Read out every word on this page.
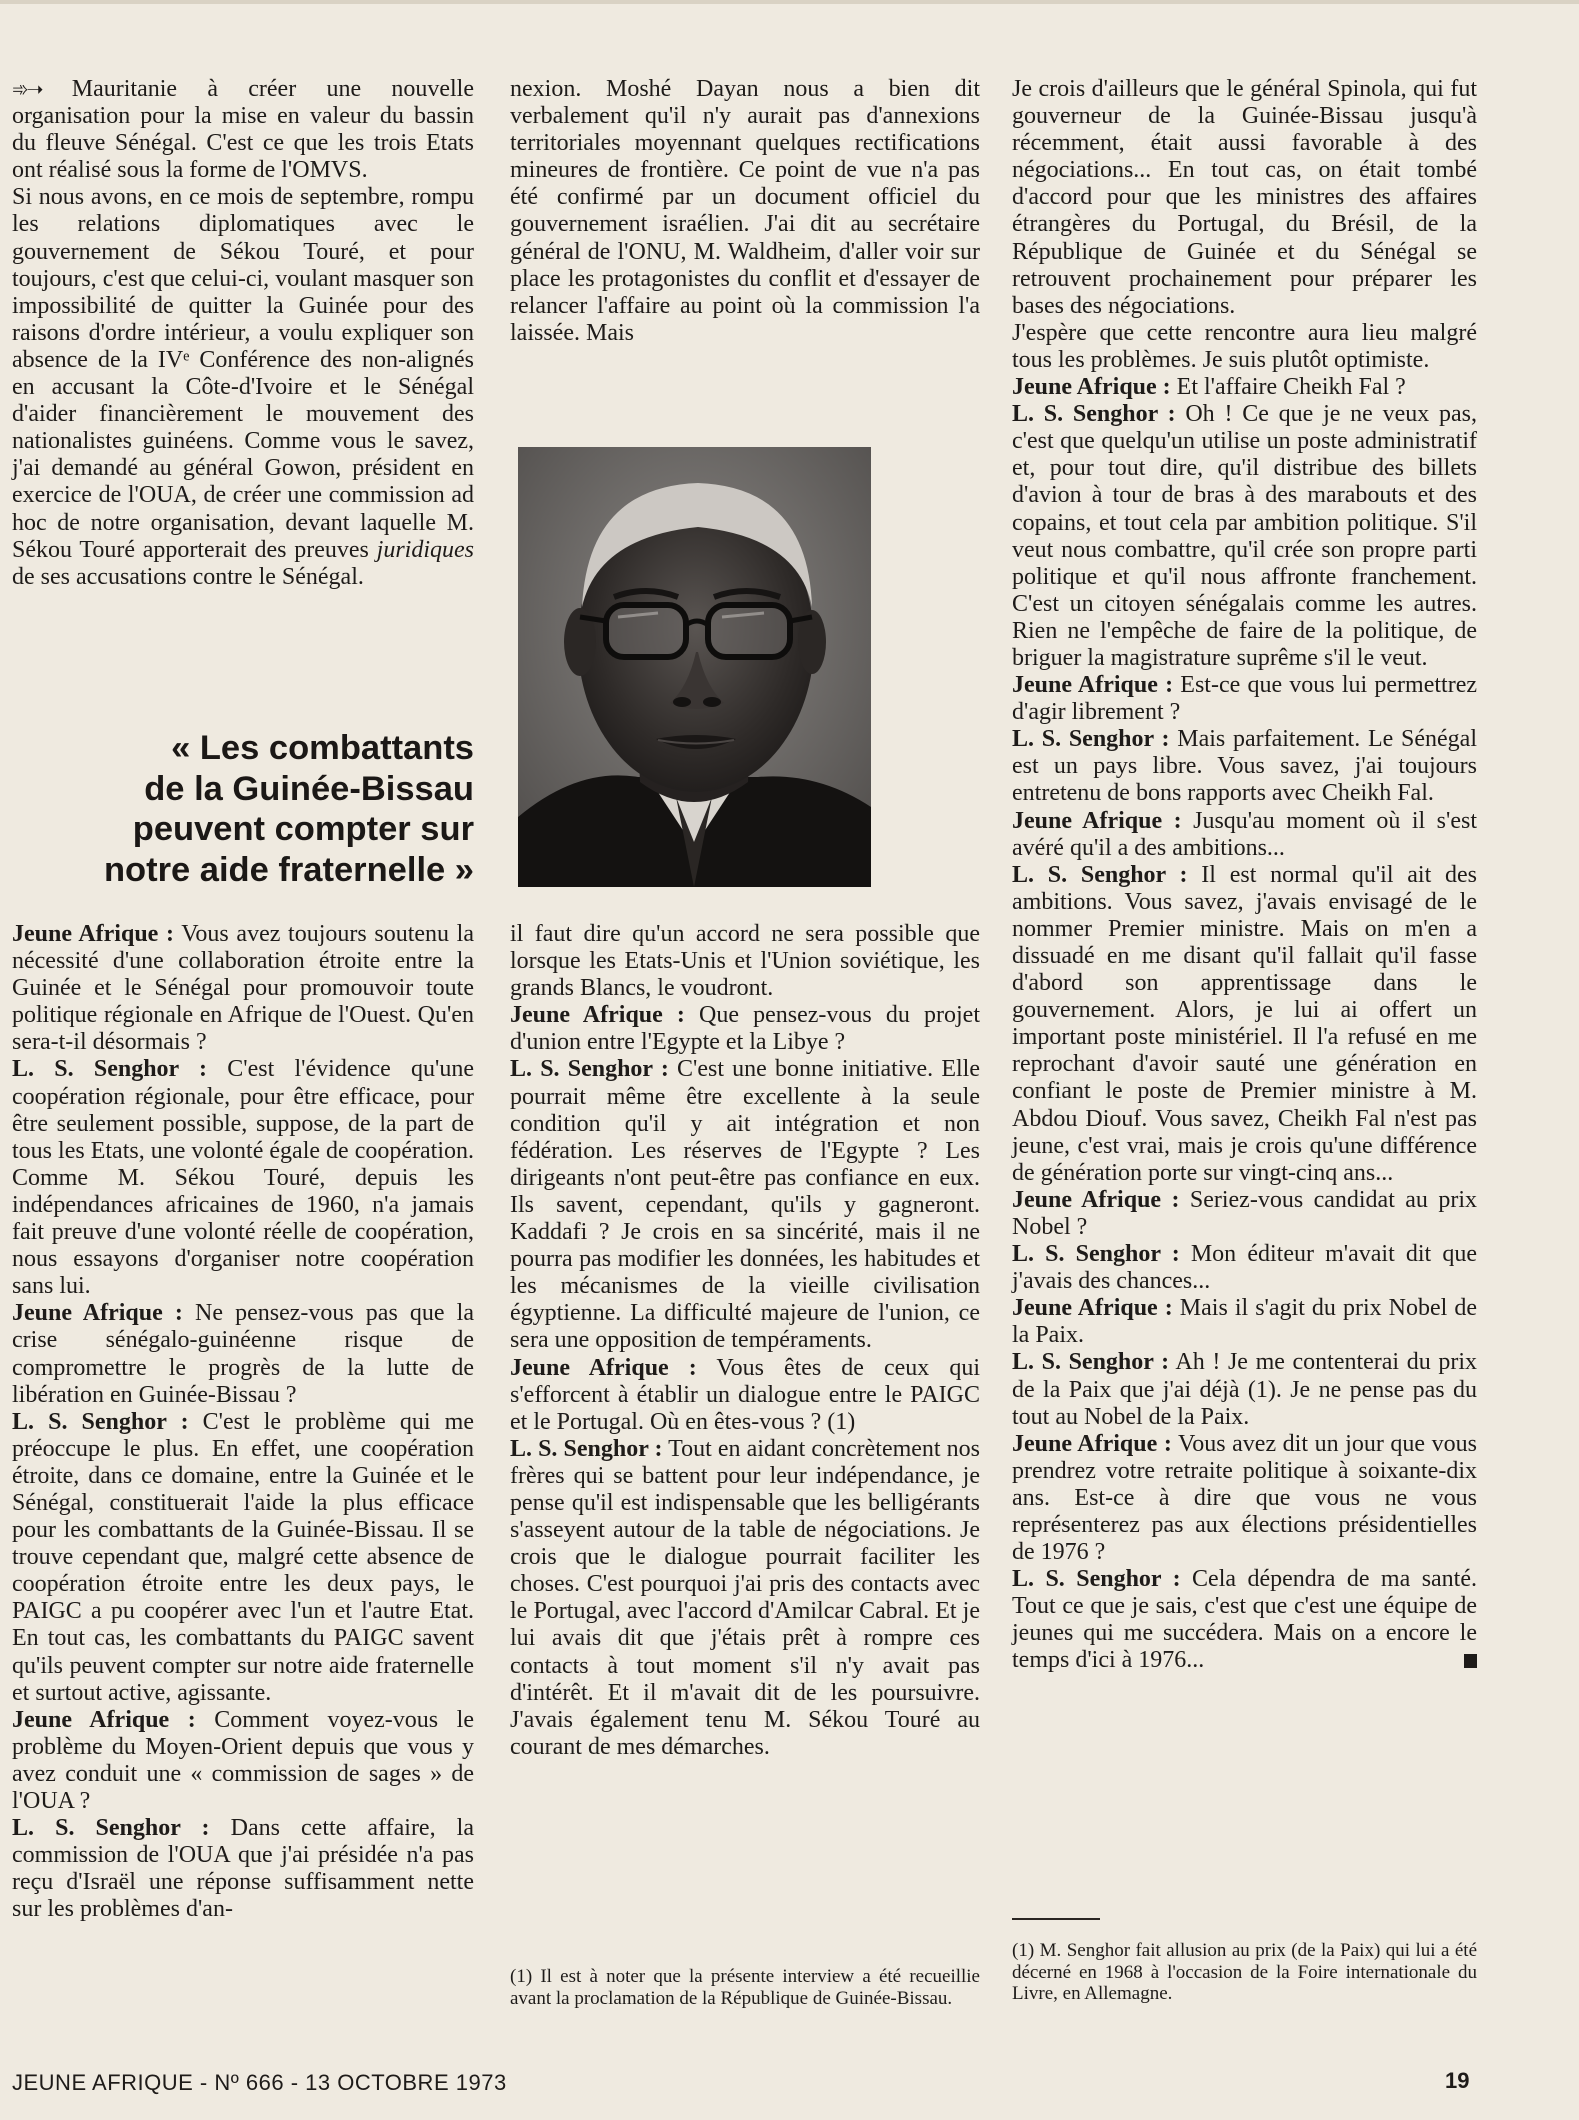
➾➝ Mauritanie à créer une nouvelle organisation pour la mise en valeur du bassin du fleuve Sénégal. C'est ce que les trois Etats ont réalisé sous la forme de l'OMVS.

Si nous avons, en ce mois de septembre, rompu les relations diplomatiques avec le gouvernement de Sékou Touré, et pour toujours, c'est que celui-ci, voulant masquer son impossibilité de quitter la Guinée pour des raisons d'ordre intérieur, a voulu expliquer son absence de la IVᵉ Conférence des non-alignés en accusant la Côte-d'Ivoire et le Sénégal d'aider financièrement le mouvement des nationalistes guinéens. Comme vous le savez, j'ai demandé au général Gowon, président en exercice de l'OUA, de créer une commission ad hoc de notre organisation, devant laquelle M. Sékou Touré apporterait des preuves juridiques de ses accusations contre le Sénégal.

« Les combattants
de la Guinée-Bissau
peuvent compter sur
notre aide fraternelle »

Jeune Afrique : Vous avez toujours soutenu la nécessité d'une collaboration étroite entre la Guinée et le Sénégal pour promouvoir toute politique régionale en Afrique de l'Ouest. Qu'en sera-t-il désormais ?

L. S. Senghor : C'est l'évidence qu'une coopération régionale, pour être efficace, pour être seulement possible, suppose, de la part de tous les Etats, une volonté égale de coopération. Comme M. Sékou Touré, depuis les indépendances africaines de 1960, n'a jamais fait preuve d'une volonté réelle de coopération, nous essayons d'organiser notre coopération sans lui.

Jeune Afrique : Ne pensez-vous pas que la crise sénégalo-guinéenne risque de compromettre le progrès de la lutte de libération en Guinée-Bissau ?

L. S. Senghor : C'est le problème qui me préoccupe le plus. En effet, une coopération étroite, dans ce domaine, entre la Guinée et le Sénégal, constituerait l'aide la plus efficace pour les combattants de la Guinée-Bissau. Il se trouve cependant que, malgré cette absence de coopération étroite entre les deux pays, le PAIGC a pu coopérer avec l'un et l'autre Etat. En tout cas, les combattants du PAIGC savent qu'ils peuvent compter sur notre aide fraternelle et surtout active, agissante.

Jeune Afrique : Comment voyez-vous le problème du Moyen-Orient depuis que vous y avez conduit une « commission de sages » de l'OUA ?

L. S. Senghor : Dans cette affaire, la commission de l'OUA que j'ai présidée n'a pas reçu d'Israël une réponse suffisamment nette sur les problèmes d'an-

nexion. Moshé Dayan nous a bien dit verbalement qu'il n'y aurait pas d'annexions territoriales moyennant quelques rectifications mineures de frontière. Ce point de vue n'a pas été confirmé par un document officiel du gouvernement israélien. J'ai dit au secrétaire général de l'ONU, M. Waldheim, d'aller voir sur place les protagonistes du conflit et d'essayer de relancer l'affaire au point où la commission l'a laissée. Mais

il faut dire qu'un accord ne sera possible que lorsque les Etats-Unis et l'Union soviétique, les grands Blancs, le voudront.

Jeune Afrique : Que pensez-vous du projet d'union entre l'Egypte et la Libye ?

L. S. Senghor : C'est une bonne initiative. Elle pourrait même être excellente à la seule condition qu'il y ait intégration et non fédération. Les réserves de l'Egypte ? Les dirigeants n'ont peut-être pas confiance en eux. Ils savent, cependant, qu'ils y gagneront. Kaddafi ? Je crois en sa sincérité, mais il ne pourra pas modifier les données, les habitudes et les mécanismes de la vieille civilisation égyptienne. La difficulté majeure de l'union, ce sera une opposition de tempéraments.

Jeune Afrique : Vous êtes de ceux qui s'efforcent à établir un dialogue entre le PAIGC et le Portugal. Où en êtes-vous ? (1)

L. S. Senghor : Tout en aidant concrètement nos frères qui se battent pour leur indépendance, je pense qu'il est indispensable que les belligérants s'asseyent autour de la table de négociations. Je crois que le dialogue pourrait faciliter les choses. C'est pourquoi j'ai pris des contacts avec le Portugal, avec l'accord d'Amilcar Cabral. Et je lui avais dit que j'étais prêt à rompre ces contacts à tout moment s'il n'y avait pas d'intérêt. Et il m'avait dit de les poursuivre. J'avais également tenu M. Sékou Touré au courant de mes démarches.

(1) Il est à noter que la présente interview a été recueillie avant la proclamation de la République de Guinée-Bissau.

Je crois d'ailleurs que le général Spinola, qui fut gouverneur de la Guinée-Bissau jusqu'à récemment, était aussi favorable à des négociations... En tout cas, on était tombé d'accord pour que les ministres des affaires étrangères du Portugal, du Brésil, de la République de Guinée et du Sénégal se retrouvent prochainement pour préparer les bases des négociations.

J'espère que cette rencontre aura lieu malgré tous les problèmes. Je suis plutôt optimiste.

Jeune Afrique : Et l'affaire Cheikh Fal ?

L. S. Senghor : Oh ! Ce que je ne veux pas, c'est que quelqu'un utilise un poste administratif et, pour tout dire, qu'il distribue des billets d'avion à tour de bras à des marabouts et des copains, et tout cela par ambition politique. S'il veut nous combattre, qu'il crée son propre parti politique et qu'il nous affronte franchement. C'est un citoyen sénégalais comme les autres. Rien ne l'empêche de faire de la politique, de briguer la magistrature suprême s'il le veut.

Jeune Afrique : Est-ce que vous lui permettrez d'agir librement ?

L. S. Senghor : Mais parfaitement. Le Sénégal est un pays libre. Vous savez, j'ai toujours entretenu de bons rapports avec Cheikh Fal.

Jeune Afrique : Jusqu'au moment où il s'est avéré qu'il a des ambitions...

L. S. Senghor : Il est normal qu'il ait des ambitions. Vous savez, j'avais envisagé de le nommer Premier ministre. Mais on m'en a dissuadé en me disant qu'il fallait qu'il fasse d'abord son apprentissage dans le gouvernement. Alors, je lui ai offert un important poste ministériel. Il l'a refusé en me reprochant d'avoir sauté une génération en confiant le poste de Premier ministre à M. Abdou Diouf. Vous savez, Cheikh Fal n'est pas jeune, c'est vrai, mais je crois qu'une différence de génération porte sur vingt-cinq ans...

Jeune Afrique : Seriez-vous candidat au prix Nobel ?

L. S. Senghor : Mon éditeur m'avait dit que j'avais des chances...

Jeune Afrique : Mais il s'agit du prix Nobel de la Paix.

L. S. Senghor : Ah ! Je me contenterai du prix de la Paix que j'ai déjà (1). Je ne pense pas du tout au Nobel de la Paix.

Jeune Afrique : Vous avez dit un jour que vous prendrez votre retraite politique à soixante-dix ans. Est-ce à dire que vous ne vous représenterez pas aux élections présidentielles de 1976 ?

L. S. Senghor : Cela dépendra de ma santé. Tout ce que je sais, c'est que c'est une équipe de jeunes qui me succédera. Mais on a encore le temps d'ici à 1976...

(1) M. Senghor fait allusion au prix (de la Paix) qui lui a été décerné en 1968 à l'occasion de la Foire internationale du Livre, en Allemagne.
JEUNE AFRIQUE - Nº 666 - 13 OCTOBRE 1973	19
